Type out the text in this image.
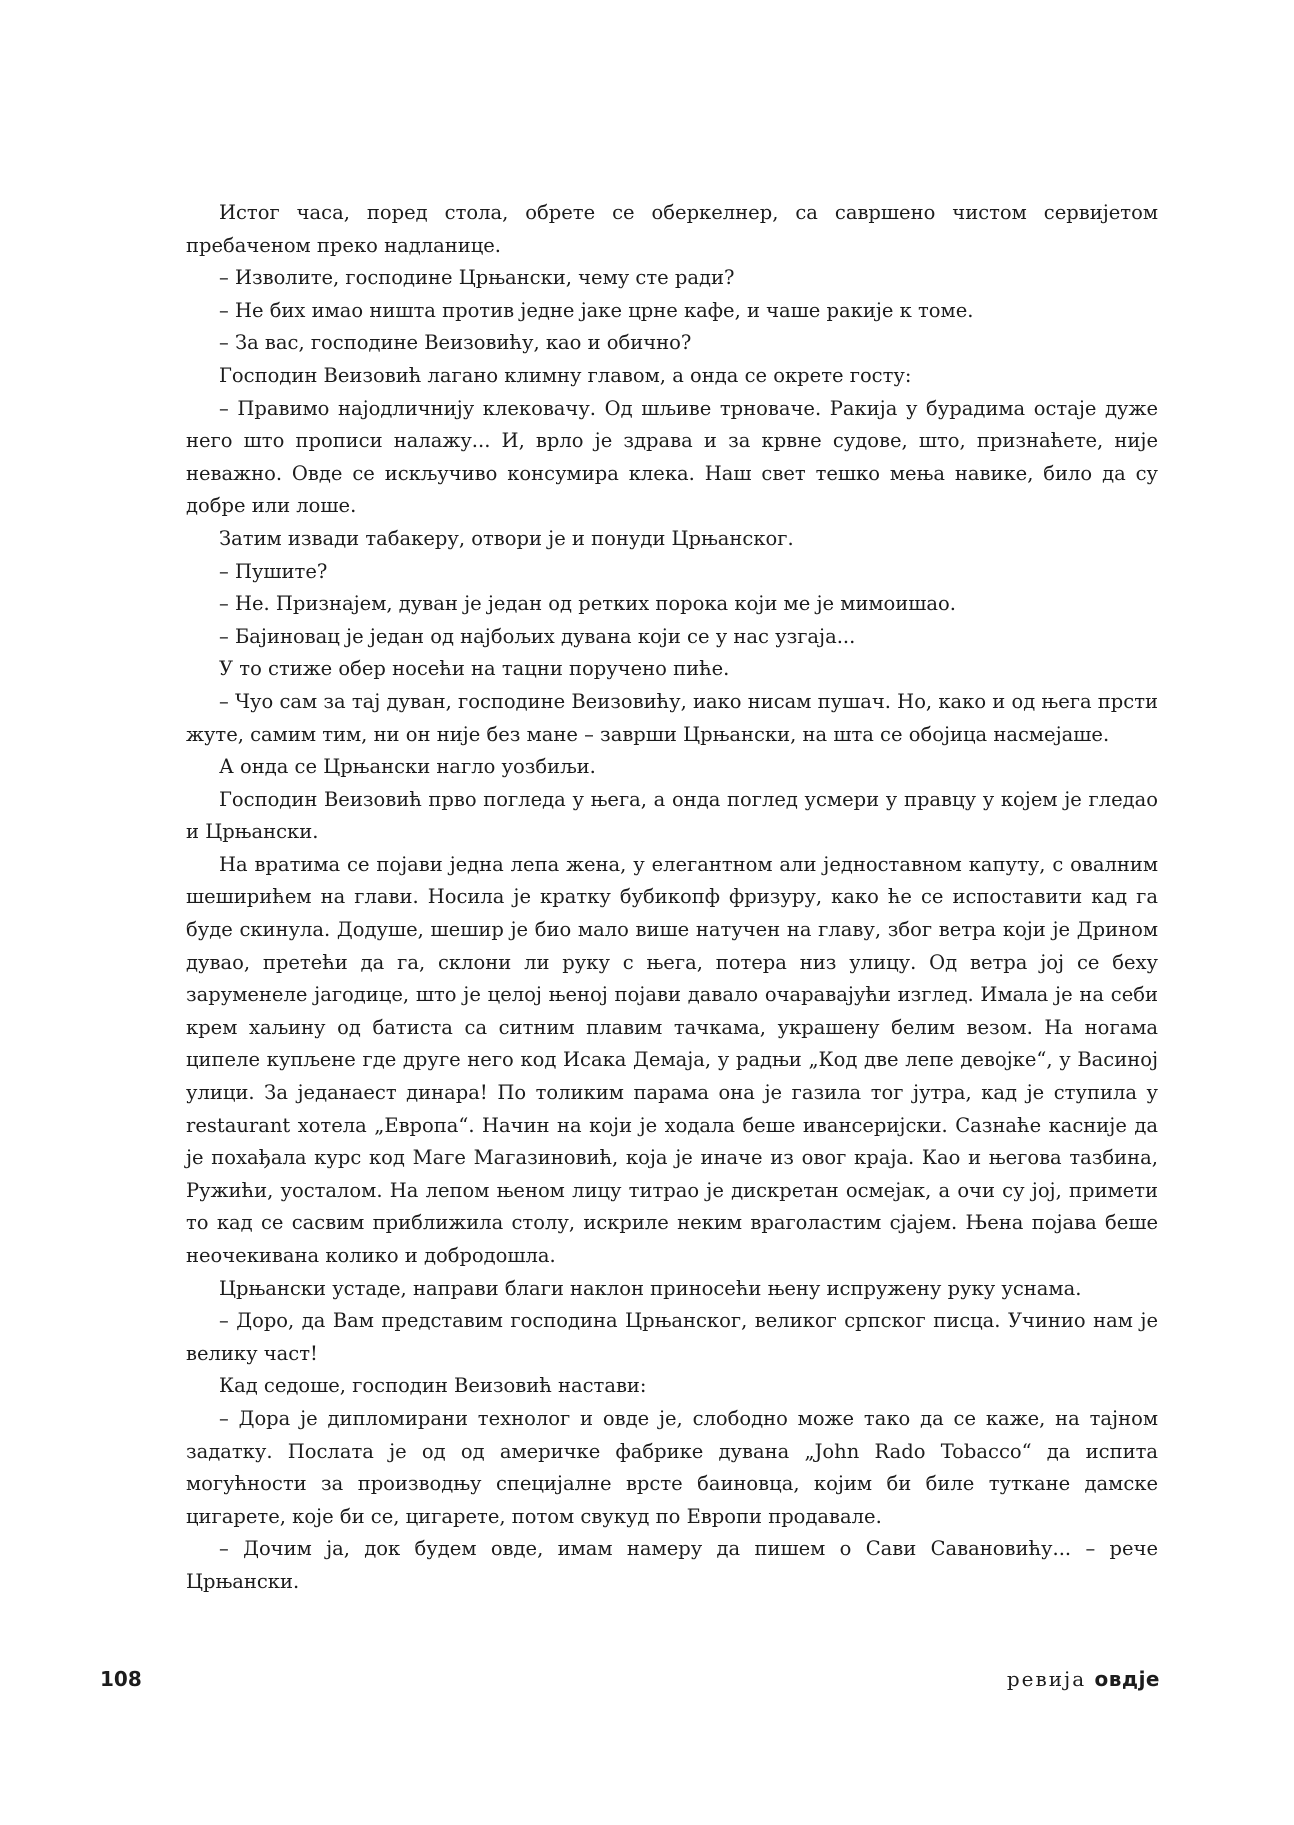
Истог часа, поред стола, обрете се оберкелнер, са савршено чистом сервијетом пребаченом преко надланице.

– Изволите, господине Црњански, чему сте ради?

– Не бих имао ништа против једне јаке црне кафе, и чаше ракије к томе.

– За вас, господине Веизовићу, као и обично?

Господин Веизовић лагано климну главом, а онда се окрете госту:

– Правимо најодличнију клековачу. Од шљиве трноваче. Ракија у бурадима остаје дуже него што прописи налажу... И, врло је здрава и за крвне судове, што, признаћете, није неважно. Овде се искључиво консумира клека. Наш свет тешко мења навике, било да су добре или лоше.

Затим извади табакеру, отвори је и понуди Црњанског.

– Пушите?

– Не. Признајем, дуван је један од ретких порока који ме је мимоишао.

– Бајиновац је један од најбољих дувана који се у нас узгаја...

У то стиже обер носећи на тацни поручено пиће.

– Чуо сам за тај дуван, господине Веизовићу, иако нисам пушач. Но, како и од њега прсти жуте, самим тим, ни он није без мане – заврши Црњански, на шта се обојица насмејаше.

А онда се Црњански нагло уозбиљи.

Господин Веизовић прво погледа у њега, а онда поглед усмери у правцу у којем је гледао и Црњански.

На вратима се појави једна лепа жена, у елегантном али једноставном капуту, с овалним шеширићем на глави. Носила је кратку бубикопф фризуру, како ће се испоставити кад га буде скинула. Додуше, шешир је био мало више натучен на главу, због ветра који је Дрином дувао, претећи да га, склони ли руку с њега, потера низ улицу. Од ветра јој се беху заруменеле јагодице, што је целој њеној појави давало очаравајући изглед. Имала је на себи крем хаљину од батиста са ситним плавим тачкама, украшену белим везом. На ногама ципеле купљене где друге него код Исака Демаја, у радњи „Код две лепе девојке“, у Васиној улици. За једанаест динара! По толиким парама она је газила тог јутра, кад је ступила у restaurant хотела „Европа“. Начин на који је ходала беше ивансеријски. Сазнаће касније да је похађала курс код Маге Магазиновић, која је иначе из овог краја. Као и његова тазбина, Ружићи, уосталом. На лепом њеном лицу титрао је дискретан осмејак, а очи су јој, примети то кад се сасвим приближила столу, искриле неким враголастим сјајем. Њена појава беше неочекивана колико и добродошла.

Црњански устаде, направи благи наклон приносећи њену испружену руку уснама.

– Доро, да Вам представим господина Црњанског, великог српског писца. Учинио нам је велику част!

Кад седоше, господин Веизовић настави:

– Дора је дипломирани технолог и овде је, слободно може тако да се каже, на тајном задатку. Послата је од од америчке фабрике дувана „John Rado Tobacco“ да испита могућности за производњу специјалне врсте баиновца, којим би биле туткане дамске цигарете, које би се, цигарете, потом свукуд по Европи продавале.

– Дочим ја, док будем овде, имам намеру да пишем о Сави Савановићу... – рече Црњански.

108	ревија овдје
